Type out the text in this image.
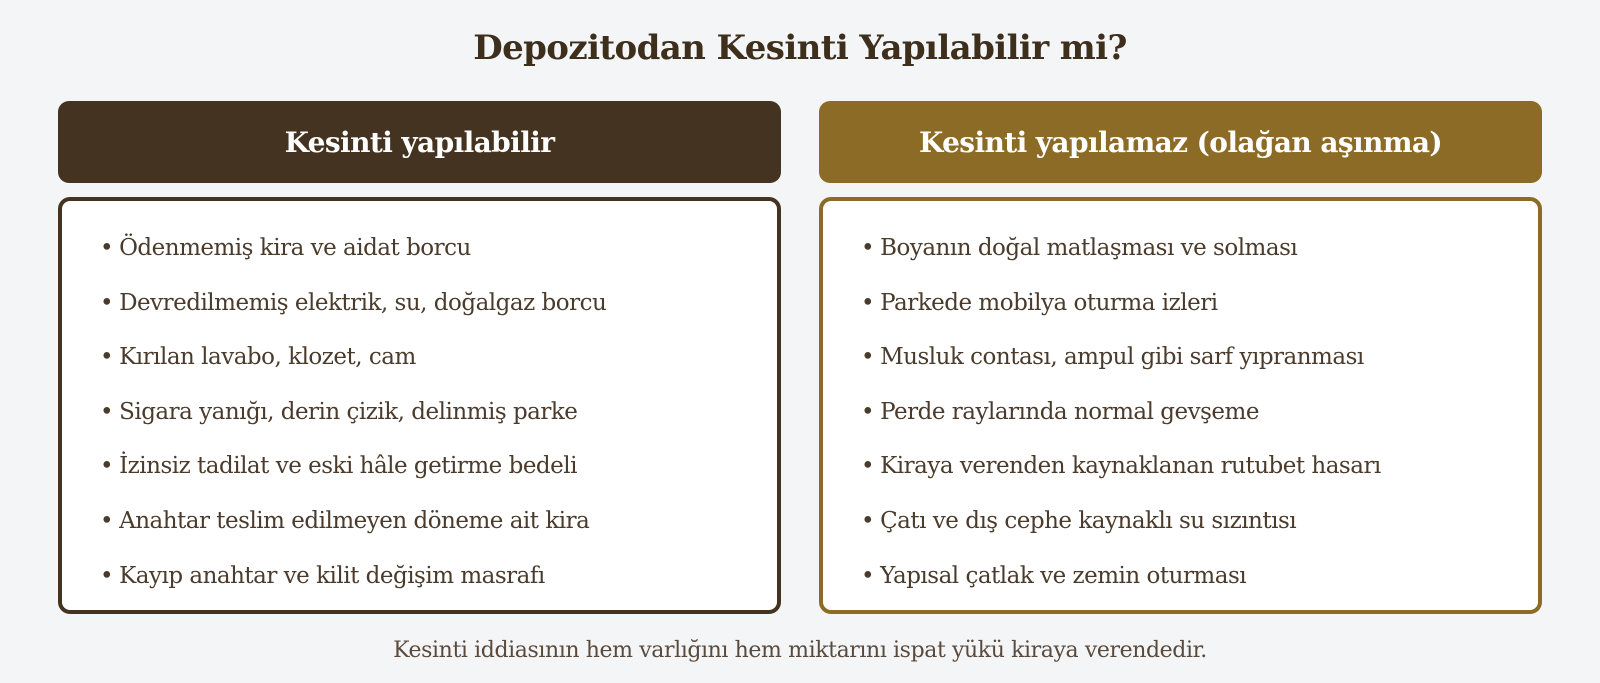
Depozitodan Kesinti Yapılabilir mi?
Kesinti yapılabilir
• Ödenmemiş kira ve aidat borcu
• Devredilmemiş elektrik, su, doğalgaz borcu
• Kırılan lavabo, klozet, cam
• Sigara yanığı, derin çizik, delinmiş parke
• İzinsiz tadilat ve eski hâle getirme bedeli
• Anahtar teslim edilmeyen döneme ait kira
• Kayıp anahtar ve kilit değişim masrafı
Kesinti yapılamaz (olağan aşınma)
• Boyanın doğal matlaşması ve solması
• Parkede mobilya oturma izleri
• Musluk contası, ampul gibi sarf yıpranması
• Perde raylarında normal gevşeme
• Kiraya verenden kaynaklanan rutubet hasarı
• Çatı ve dış cephe kaynaklı su sızıntısı
• Yapısal çatlak ve zemin oturması
Kesinti iddiasının hem varlığını hem miktarını ispat yükü kiraya verendedir.
